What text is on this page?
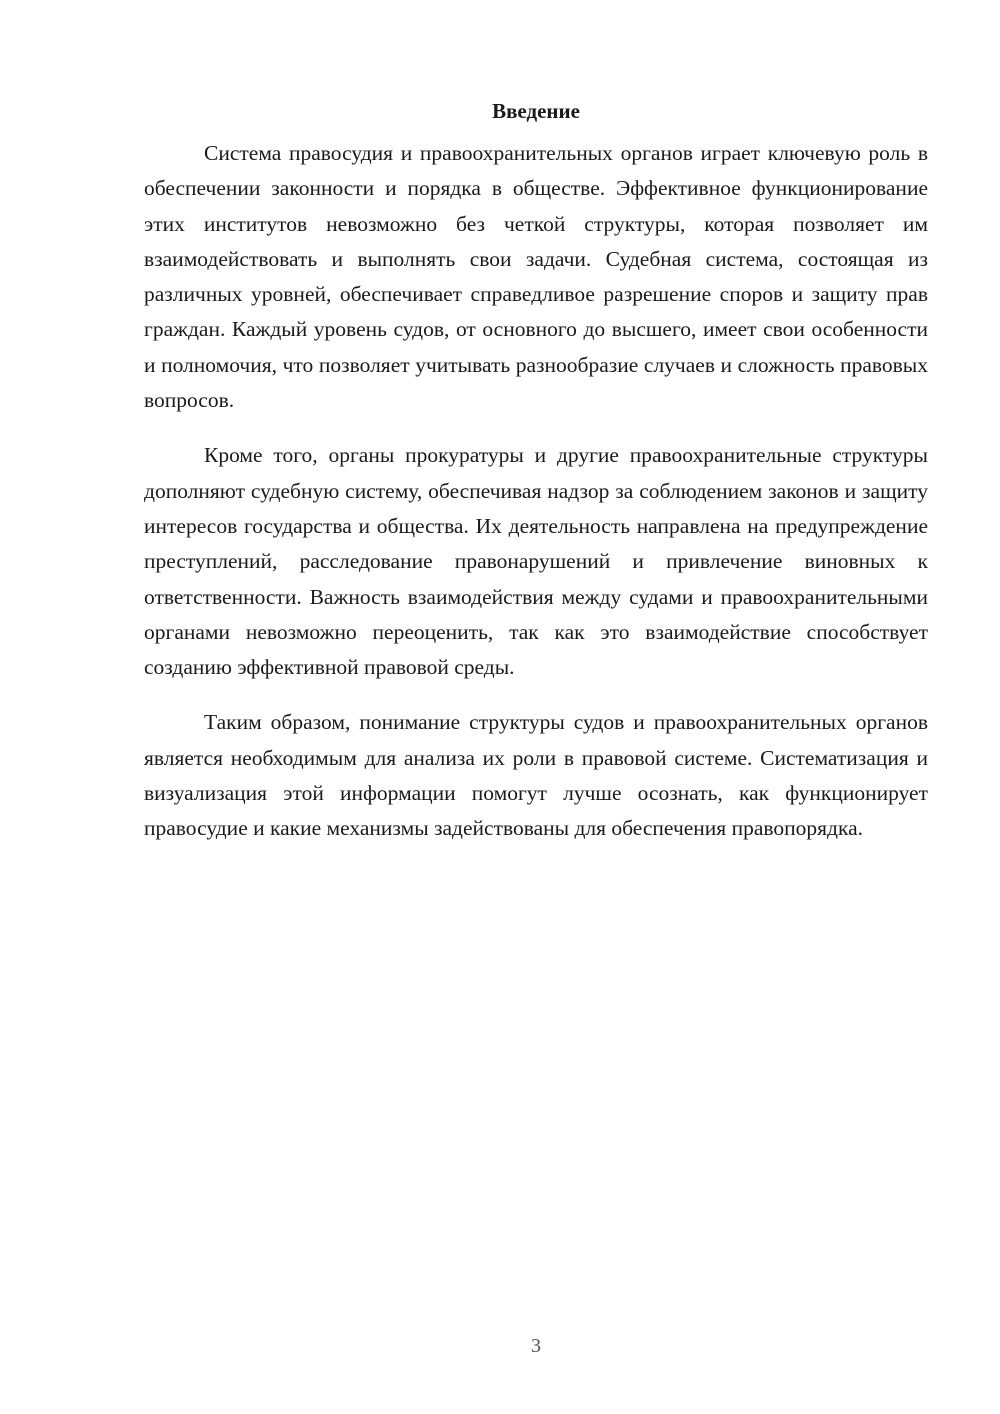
Введение

Система правосудия и правоохранительных органов играет ключевую роль в обеспечении законности и порядка в обществе. Эффективное функционирование этих институтов невозможно без четкой структуры, которая позволяет им взаимодействовать и выполнять свои задачи. Судебная система, состоящая из различных уровней, обеспечивает справедливое разрешение споров и защиту прав граждан. Каждый уровень судов, от основного до высшего, имеет свои особенности и полномочия, что позволяет учитывать разнообразие случаев и сложность правовых вопросов.

Кроме того, органы прокуратуры и другие правоохранительные структуры дополняют судебную систему, обеспечивая надзор за соблюдением законов и защиту интересов государства и общества. Их деятельность направлена на предупреждение преступлений, расследование правонарушений и привлечение виновных к ответственности. Важность взаимодействия между судами и правоохранительными органами невозможно переоценить, так как это взаимодействие способствует созданию эффективной правовой среды.

Таким образом, понимание структуры судов и правоохранительных органов является необходимым для анализа их роли в правовой системе. Систематизация и визуализация этой информации помогут лучше осознать, как функционирует правосудие и какие механизмы задействованы для обеспечения правопорядка.

3
